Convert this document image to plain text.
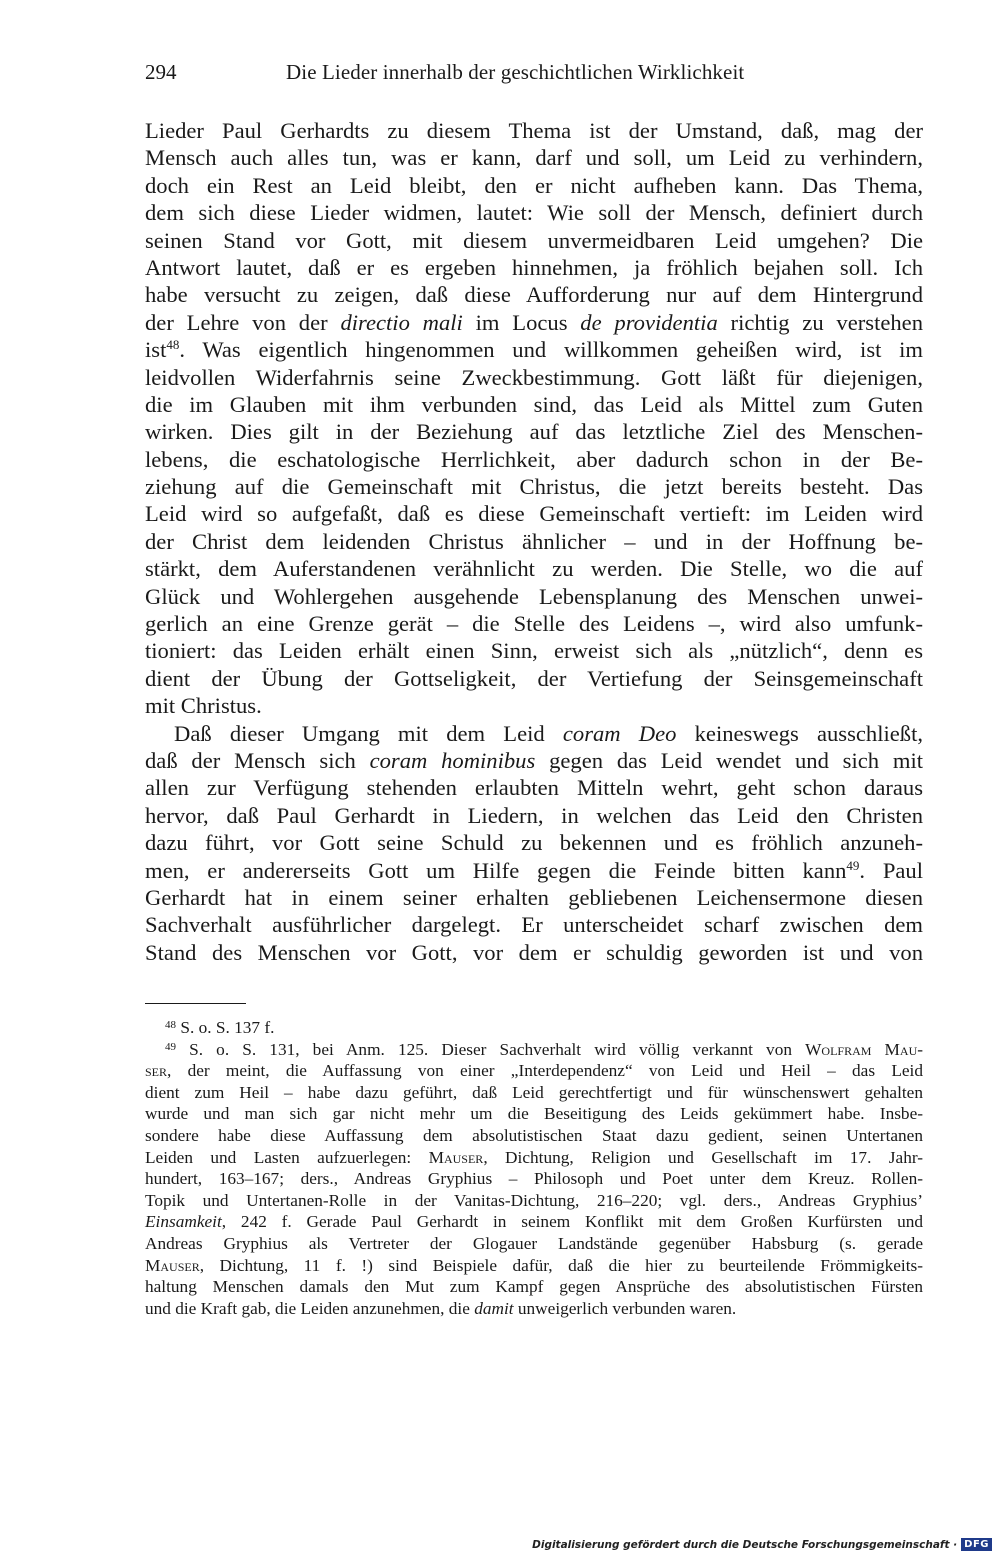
294	Die Lieder innerhalb der geschichtlichen Wirklichkeit
Lieder Paul Gerhardts zu diesem Thema ist der Umstand, daß, mag der
Mensch auch alles tun, was er kann, darf und soll, um Leid zu verhindern,
doch ein Rest an Leid bleibt, den er nicht aufheben kann. Das Thema,
dem sich diese Lieder widmen, lautet: Wie soll der Mensch, definiert durch
seinen Stand vor Gott, mit diesem unvermeidbaren Leid umgehen? Die
Antwort lautet, daß er es ergeben hinnehmen, ja fröhlich bejahen soll. Ich
habe versucht zu zeigen, daß diese Aufforderung nur auf dem Hintergrund
der Lehre von der directio mali im Locus de providentia richtig zu verstehen
ist$^{48}$. Was eigentlich hingenommen und willkommen geheißen wird, ist im
leidvollen Widerfahrnis seine Zweckbestimmung. Gott läßt für diejenigen,
die im Glauben mit ihm verbunden sind, das Leid als Mittel zum Guten
wirken. Dies gilt in der Beziehung auf das letztliche Ziel des Menschen-
lebens, die eschatologische Herrlichkeit, aber dadurch schon in der Be-
ziehung auf die Gemeinschaft mit Christus, die jetzt bereits besteht. Das
Leid wird so aufgefaßt, daß es diese Gemeinschaft vertieft: im Leiden wird
der Christ dem leidenden Christus ähnlicher – und in der Hoffnung be-
stärkt, dem Auferstandenen verähnlicht zu werden. Die Stelle, wo die auf
Glück und Wohlergehen ausgehende Lebensplanung des Menschen unwei-
gerlich an eine Grenze gerät – die Stelle des Leidens –, wird also umfunk-
tioniert: das Leiden erhält einen Sinn, erweist sich als „nützlich“, denn es
dient der Übung der Gottseligkeit, der Vertiefung der Seinsgemeinschaft
mit Christus.
Daß dieser Umgang mit dem Leid coram Deo keineswegs ausschließt,
daß der Mensch sich coram hominibus gegen das Leid wendet und sich mit
allen zur Verfügung stehenden erlaubten Mitteln wehrt, geht schon daraus
hervor, daß Paul Gerhardt in Liedern, in welchen das Leid den Christen
dazu führt, vor Gott seine Schuld zu bekennen und es fröhlich anzuneh-
men, er andererseits Gott um Hilfe gegen die Feinde bitten kann$^{49}$. Paul
Gerhardt hat in einem seiner erhalten gebliebenen Leichensermone diesen
Sachverhalt ausführlicher dargelegt. Er unterscheidet scharf zwischen dem
Stand des Menschen vor Gott, vor dem er schuldig geworden ist und von
$^{48}$ S. o. S. 137 f.
$^{49}$ S. o. S. 131, bei Anm. 125. Dieser Sachverhalt wird völlig verkannt von Wolfram Mau-
ser, der meint, die Auffassung von einer „Interdependenz“ von Leid und Heil – das Leid
dient zum Heil – habe dazu geführt, daß Leid gerechtfertigt und für wünschenswert gehalten
wurde und man sich gar nicht mehr um die Beseitigung des Leids gekümmert habe. Insbe-
sondere habe diese Auffassung dem absolutistischen Staat dazu gedient, seinen Untertanen
Leiden und Lasten aufzuerlegen: Mauser, Dichtung, Religion und Gesellschaft im 17. Jahr-
hundert, 163–167; ders., Andreas Gryphius – Philosoph und Poet unter dem Kreuz. Rollen-
Topik und Untertanen-Rolle in der Vanitas-Dichtung, 216–220; vgl. ders., Andreas Gryphius’
Einsamkeit, 242 f. Gerade Paul Gerhardt in seinem Konflikt mit dem Großen Kurfürsten und
Andreas Gryphius als Vertreter der Glogauer Landstände gegenüber Habsburg (s. gerade
Mauser, Dichtung, 11 f. !) sind Beispiele dafür, daß die hier zu beurteilende Frömmigkeits-
haltung Menschen damals den Mut zum Kampf gegen Ansprüche des absolutistischen Fürsten
und die Kraft gab, die Leiden anzunehmen, die damit unweigerlich verbunden waren.
Digitalisierung gefördert durch die Deutsche Forschungsgemeinschaft · DFG
